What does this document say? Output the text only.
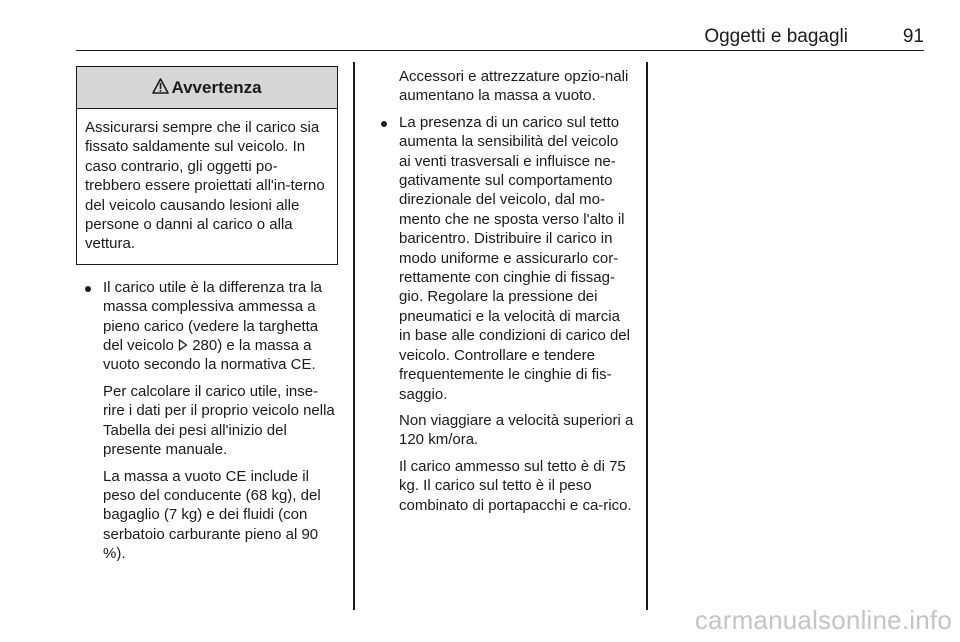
Oggetti e bagagli	91
Avvertenza
Assicurarsi sempre che il carico sia fissato saldamente sul veicolo. In caso contrario, gli oggetti po-trebbero essere proiettati all'in-terno del veicolo causando lesioni alle persone o danni al carico o alla vettura.
Il carico utile è la differenza tra la massa complessiva ammessa a pieno carico (vedere la targhetta del veicolo  280) e la massa a vuoto secondo la normativa CE.
Per calcolare il carico utile, inse-rire i dati per il proprio veicolo nella Tabella dei pesi all'inizio del presente manuale.
La massa a vuoto CE include il peso del conducente (68 kg), del bagaglio (7 kg) e dei fluidi (con serbatoio carburante pieno al 90 %).
Accessori e attrezzature opzio-nali aumentano la massa a vuoto.
La presenza di un carico sul tetto aumenta la sensibilità del veicolo ai venti trasversali e influisce ne-gativamente sul comportamento direzionale del veicolo, dal mo-mento che ne sposta verso l'alto il baricentro. Distribuire il carico in modo uniforme e assicurarlo cor-rettamente con cinghie di fissag-gio. Regolare la pressione dei pneumatici e la velocità di marcia in base alle condizioni di carico del veicolo. Controllare e tendere frequentemente le cinghie di fis-saggio.
Non viaggiare a velocità superiori a 120 km/ora.
Il carico ammesso sul tetto è di 75 kg. Il carico sul tetto è il peso combinato di portapacchi e ca-rico.
carmanualsonline.info
